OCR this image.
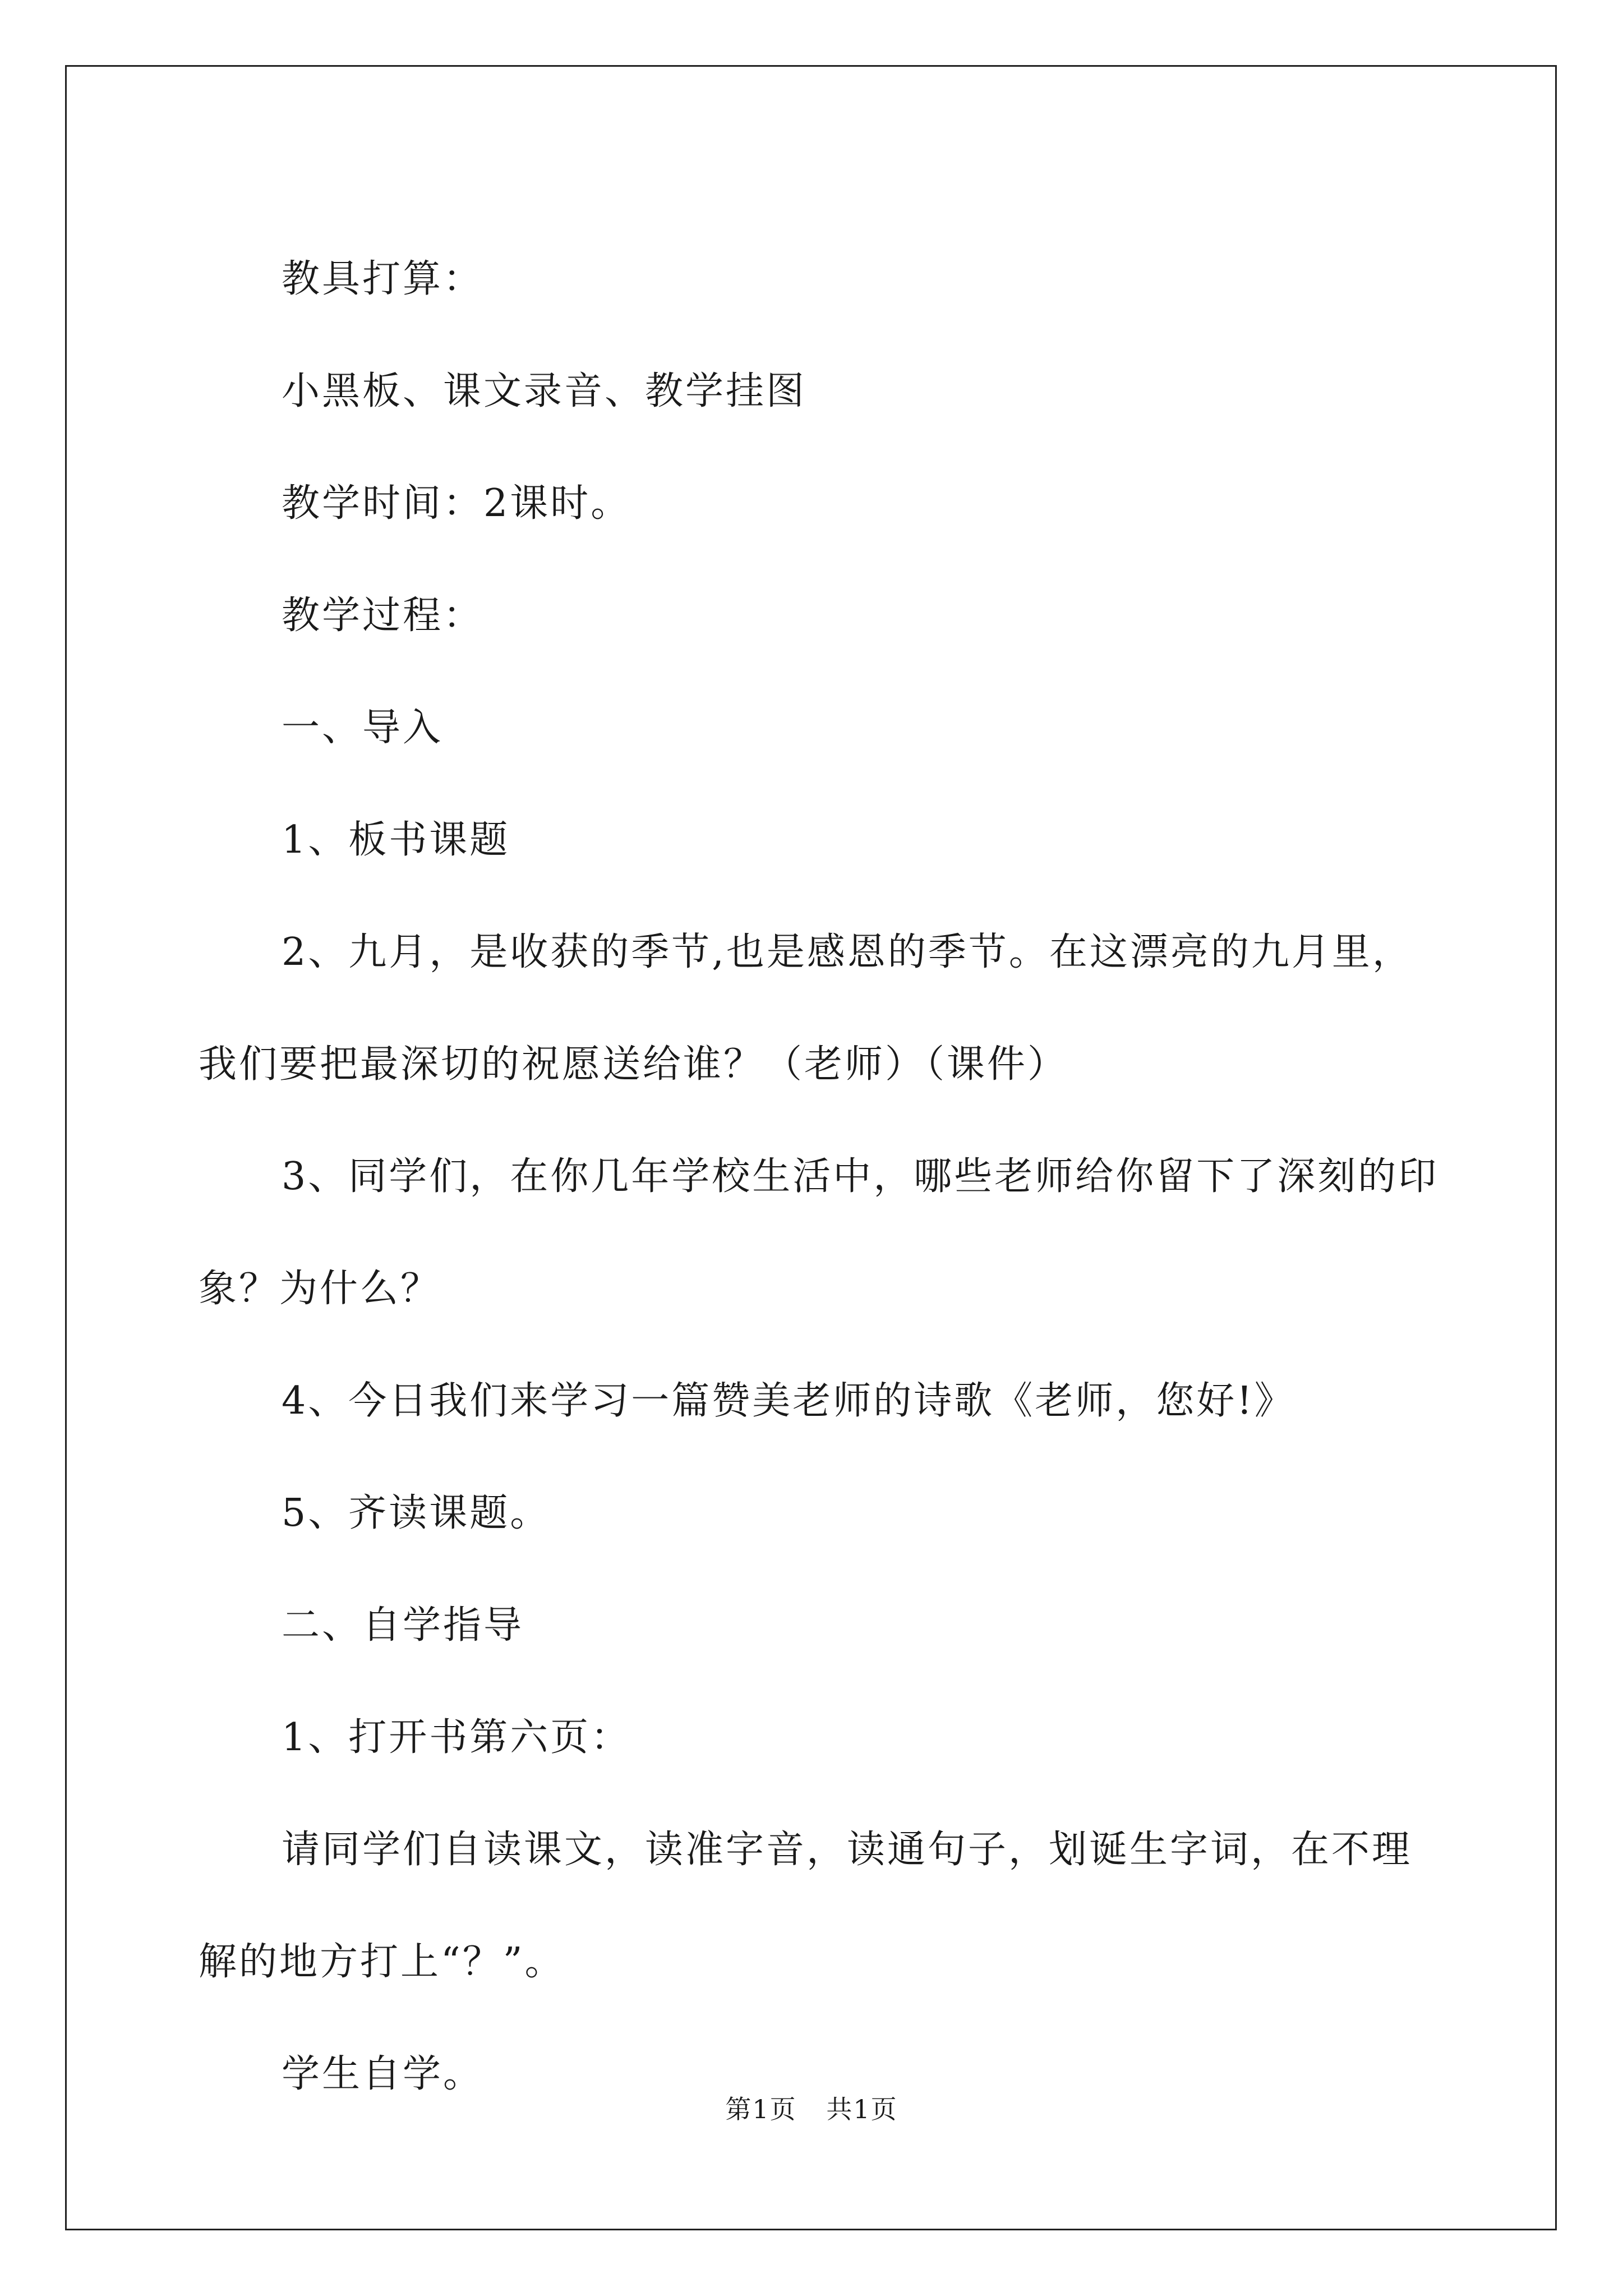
教具打算：

小黑板、课文录音、教学挂图

教学时间：2课时。

教学过程：

一、导入

1、板书课题

2、九月，是收获的季节,也是感恩的季节。在这漂亮的九月里，

我们要把最深切的祝愿送给谁？（老师）（课件）

3、同学们，在你几年学校生活中，哪些老师给你留下了深刻的印

象？为什么？

4、今日我们来学习一篇赞美老师的诗歌《老师，您好!》

5、齐读课题。

二、自学指导

1、打开书第六页：

请同学们自读课文，读准字音，读通句子，划诞生字词，在不理

解的地方打上“？”。

学生自学。

第1页 共1页
